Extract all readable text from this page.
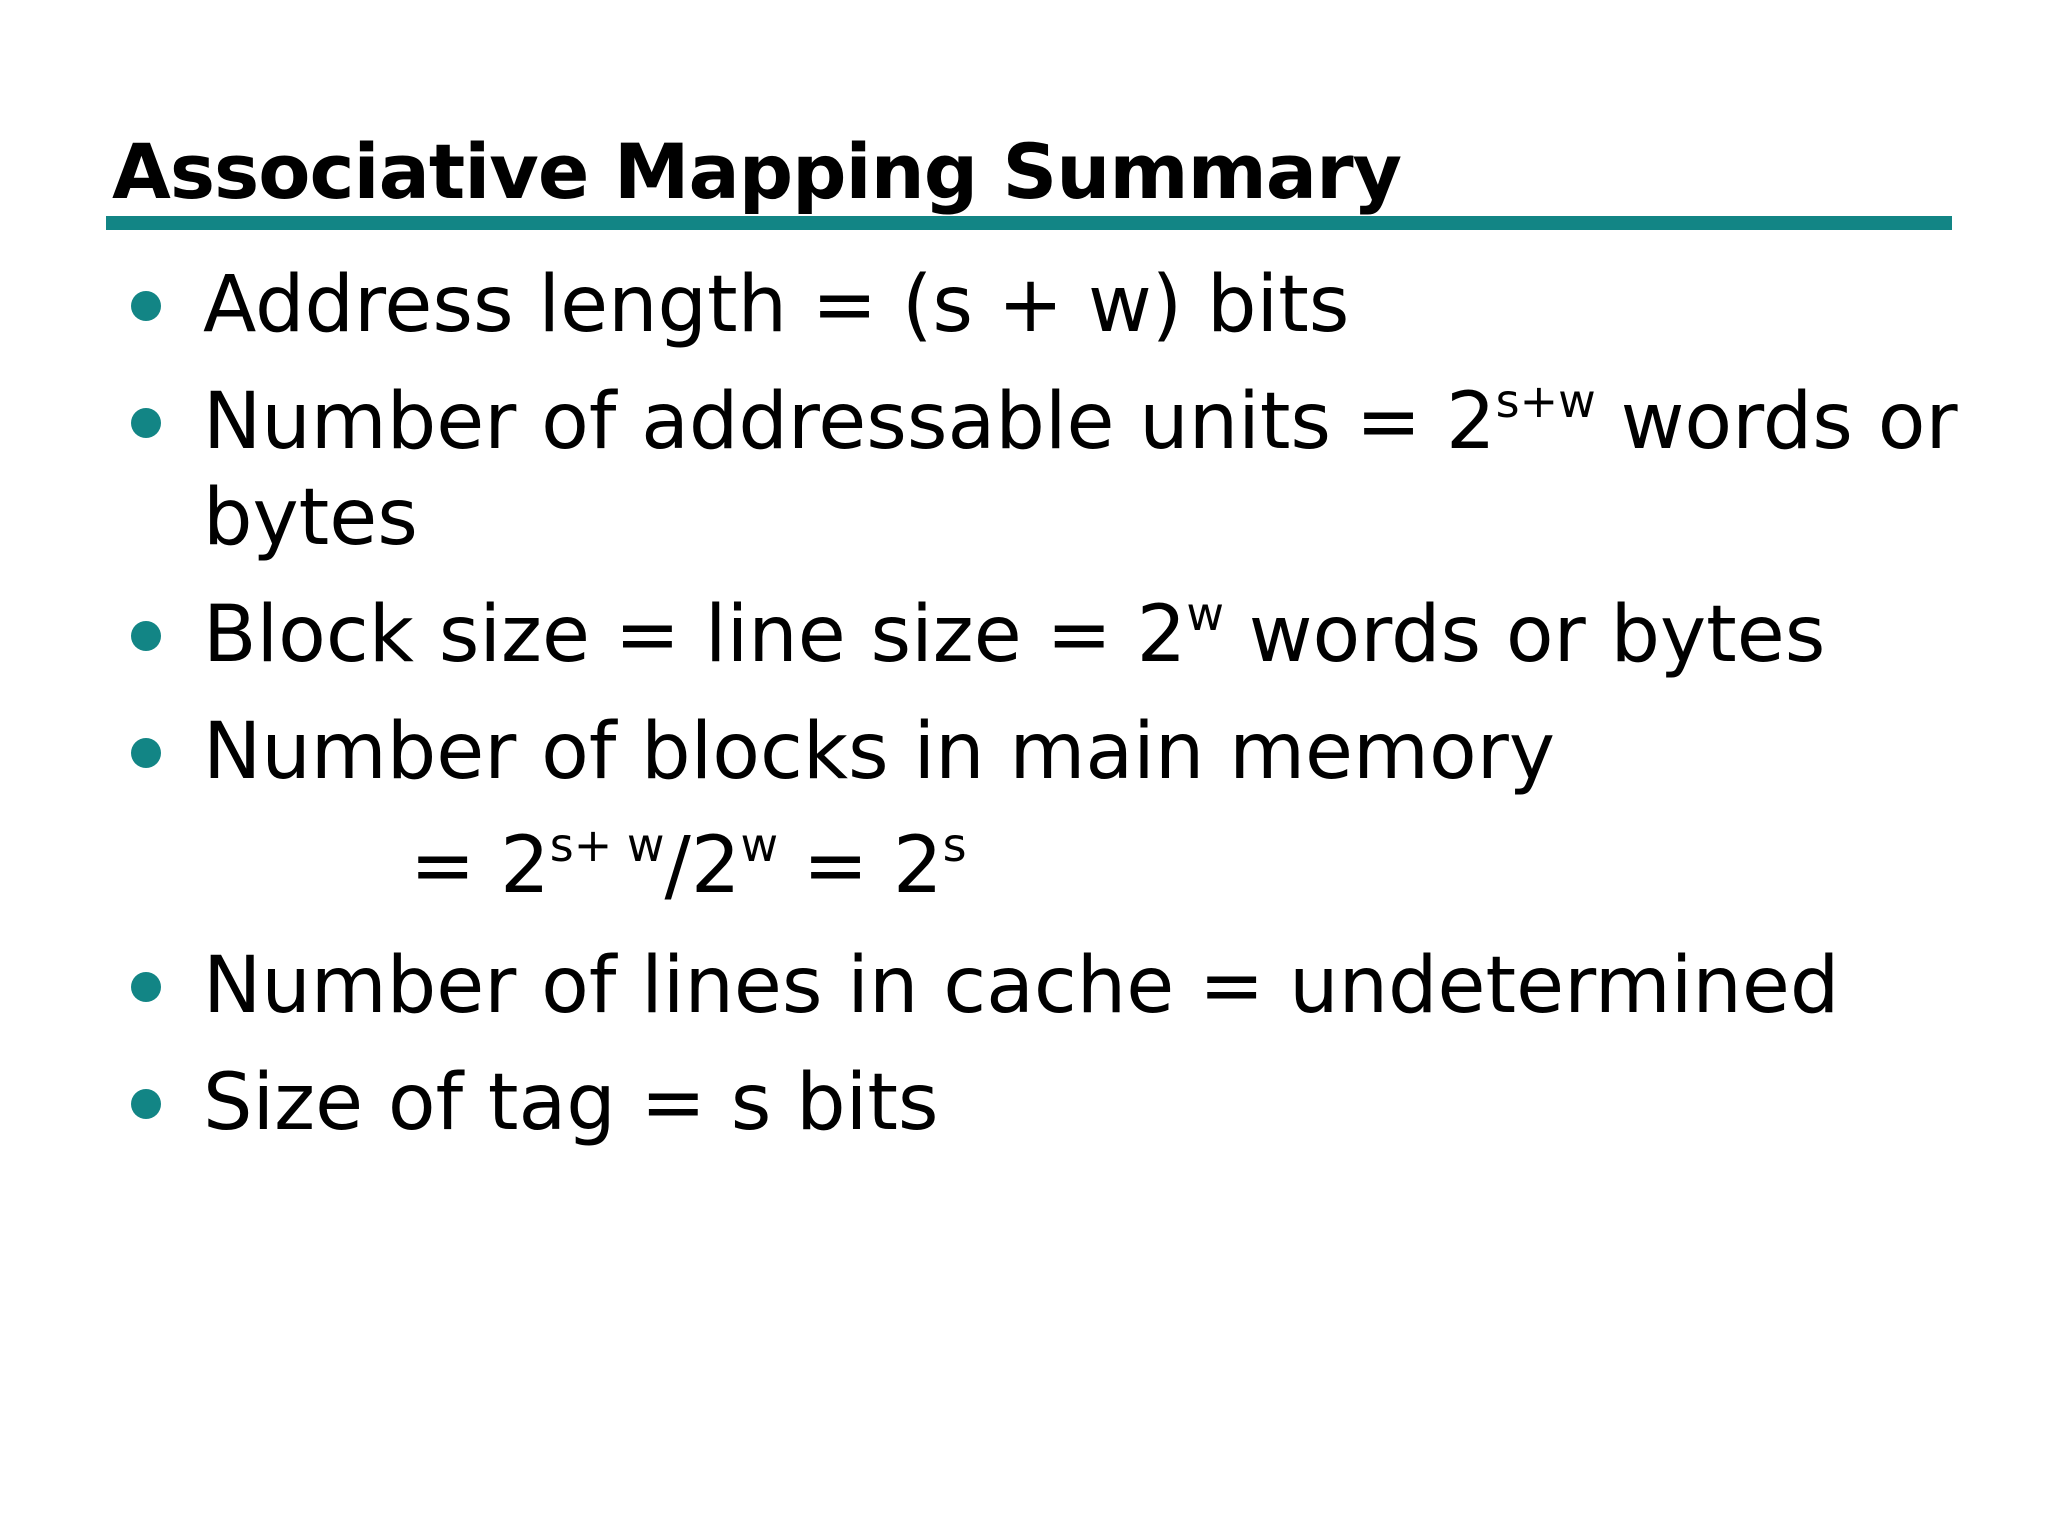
Associative Mapping Summary
Address length = (s + w) bits
Number of addressable units = $2^{s+w}$ words or bytes
Block size = line size = $2^w$ words or bytes
Number of blocks in main memory
= $2^{s+ w}/2^w = 2^s$
Number of lines in cache = undetermined
Size of tag = s bits
